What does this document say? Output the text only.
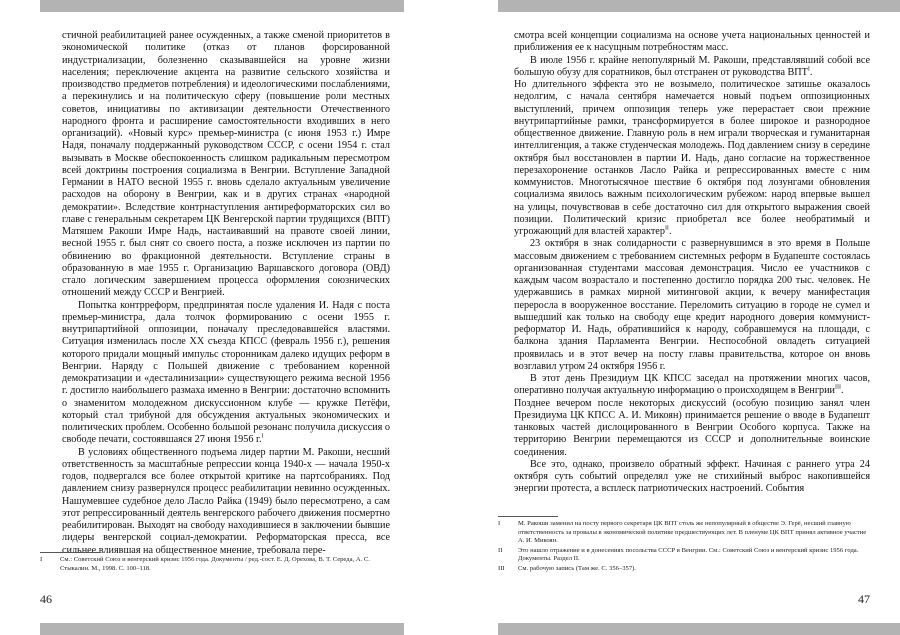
стичной реабилитацией ранее осужденных, а также сменой приоритетов в экономической политике (отказ от планов форсированной индустриализации, болезненно сказывавшейся на уровне жизни населения; переключение акцента на развитие сельского хозяйства и производство предметов потребления) и идеологическими послаблениями, а перекинулись и на политическую сферу (повышение роли местных советов, инициативы по активизации деятельности Отечественного народного фронта и расширение самостоятельности входивших в него организаций). «Новый курс» премьер-министра (с июня 1953 г.) Имре Надя, поначалу поддержанный руководством СССР, с осени 1954 г. стал вызывать в Москве обеспокоенность слишком радикальным пересмотром всей доктрины построения социализма в Венгрии. Вступление Западной Германии в НАТО весной 1955 г. вновь сделало актуальным увеличение расходов на оборону в Венгрии, как и в других странах «народной демократии». Вследствие контрнаступления антиреформаторских сил во главе с генеральным секретарем ЦК Венгерской партии трудящихся (ВПТ) Матяшем Ракоши Имре Надь, настаивавший на правоте своей линии, весной 1955 г. был снят со своего поста, а позже исключен из партии по обвинению во фракционной деятельности. Вступление страны в образованную в мае 1955 г. Организацию Варшавского договора (ОВД) стало логическим завершением процесса оформления союзнических отношений между СССР и Венгрией.

Попытка контрреформ, предпринятая после удаления И. Надя с поста премьер-министра, дала толчок формированию с осени 1955 г. внутрипартийной оппозиции, поначалу преследовавшейся властями. Ситуация изменилась после XX съезда КПСС (февраль 1956 г.), решения которого придали мощный импульс сторонникам далеко идущих реформ в Венгрии. Наряду с Польшей движение с требованием коренной демократизации и «десталинизации» существующего режима весной 1956 г. достигло наибольшего размаха именно в Венгрии: достаточно вспомнить о знаменитом молодежном дискуссионном клубе — кружке Петёфи, который стал трибуной для обсуждения актуальных экономических и политических проблем. Особенно большой резонанс получила дискуссия о свободе печати, состоявшаяся 27 июня 1956 г.$^I$

В условиях общественного подъема лидер партии М. Ракоши, несший ответственность за масштабные репрессии конца 1940-х — начала 1950-х годов, подвергался все более открытой критике на партсобраниях. Под давлением снизу развернулся процесс реабилитации невинно осужденных. Нашумевшее судебное дело Ласло Райка (1949) было пересмотрено, а сам этот репрессированный деятель венгерского рабочего движения посмертно реабилитирован. Выходят на свободу находившиеся в заключении бывшие лидеры венгерской социал-демократии. Реформаторская пресса, все сильнее влиявшая на общественное мнение, требовала пере-

I	См.: Советский Союз и венгерский кризис 1956 года. Документы / ред.-сост. Е. Д. Орехова, В. Т. Середа, А. С. Стыкалин. М., 1998. С. 100–118.
46

смотра всей концепции социализма на основе учета национальных ценностей и приближения ее к насущным потребностям масс.

В июле 1956 г. крайне непопулярный М. Ракоши, представлявший собой все большую обузу для соратников, был отстранен от руководства $ВПТ^I$.

Но длительного эффекта это не возымело, политическое затишье оказалось недолгим, с начала сентября намечается новый подъем оппозиционных выступлений, причем оппозиция теперь уже перерастает свои прежние внутрипартийные рамки, трансформируется в более широкое и разнородное общественное движение. Главную роль в нем играли творческая и гуманитарная интеллигенция, а также студенческая молодежь. Под давлением снизу в середине октября был восстановлен в партии И. Надь, дано согласие на торжественное перезахоронение останков Ласло Райка и репрессированных вместе с ним коммунистов. Многотысячное шествие 6 октября под лозунгами обновления социализма явилось важным психологическим рубежом: народ впервые вышел на улицы, почувствовав в себе достаточно сил для открытого выражения своей позиции. Политический кризис приобретал все более необратимый и угрожающий для властей характер$^{II}$.

23 октября в знак солидарности с развернувшимся в это время в Польше массовым движением с требованием системных реформ в Будапеште состоялась организованная студентами массовая демонстрация. Число ее участников с каждым часом возрастало и постепенно достигло порядка 200 тыс. человек. Не удержавшись в рамках мирной митинговой акции, к вечеру манифестация переросла в вооруженное восстание. Переломить ситуацию в городе не сумел и вышедший как только на свободу еще кредит народного доверия коммунист-реформатор И. Надь, обратившийся к народу, собравшемуся на площади, с балкона здания Парламента Венгрии. Неспособной овладеть ситуацией проявилась и в этот вечер на посту главы правительства, которое он вновь возглавил утром 24 октября 1956 г.

В этот день Президиум ЦК КПСС заседал на протяжении многих часов, оперативно получая актуальную информацию о происходящем в Венгрии$^{III}$.

Позднее вечером после некоторых дискуссий (особую позицию занял член Президиума ЦК КПСС А. И. Микоян) принимается решение о вводе в Будапешт танковых частей дислоцированного в Венгрии Особого корпуса. Также на территорию Венгрии перемещаются из СССР и дополнительные воинские соединения.

Все это, однако, произвело обратный эффект. Начиная с раннего утра 24 октября суть событий определял уже не стихийный выброс накопившейся энергии протеста, а всплеск патриотических настроений. События

I	М. Ракоши заменил на посту первого секретаря ЦК ВПТ столь же непопулярный в обществе Э. Герё, несший главную ответственность за провалы в экономической политике предшествующих лет. В пленуме ЦК ВПТ принял активное участие А. И. Микоян.
II Это нашло отражение и в донесениях посольства СССР в Венгрии. См.: Советский Союз и венгерский кризис 1956 года. Документы. Раздел II.
III См. рабочую запись (Там же. С. 356–357).
47
